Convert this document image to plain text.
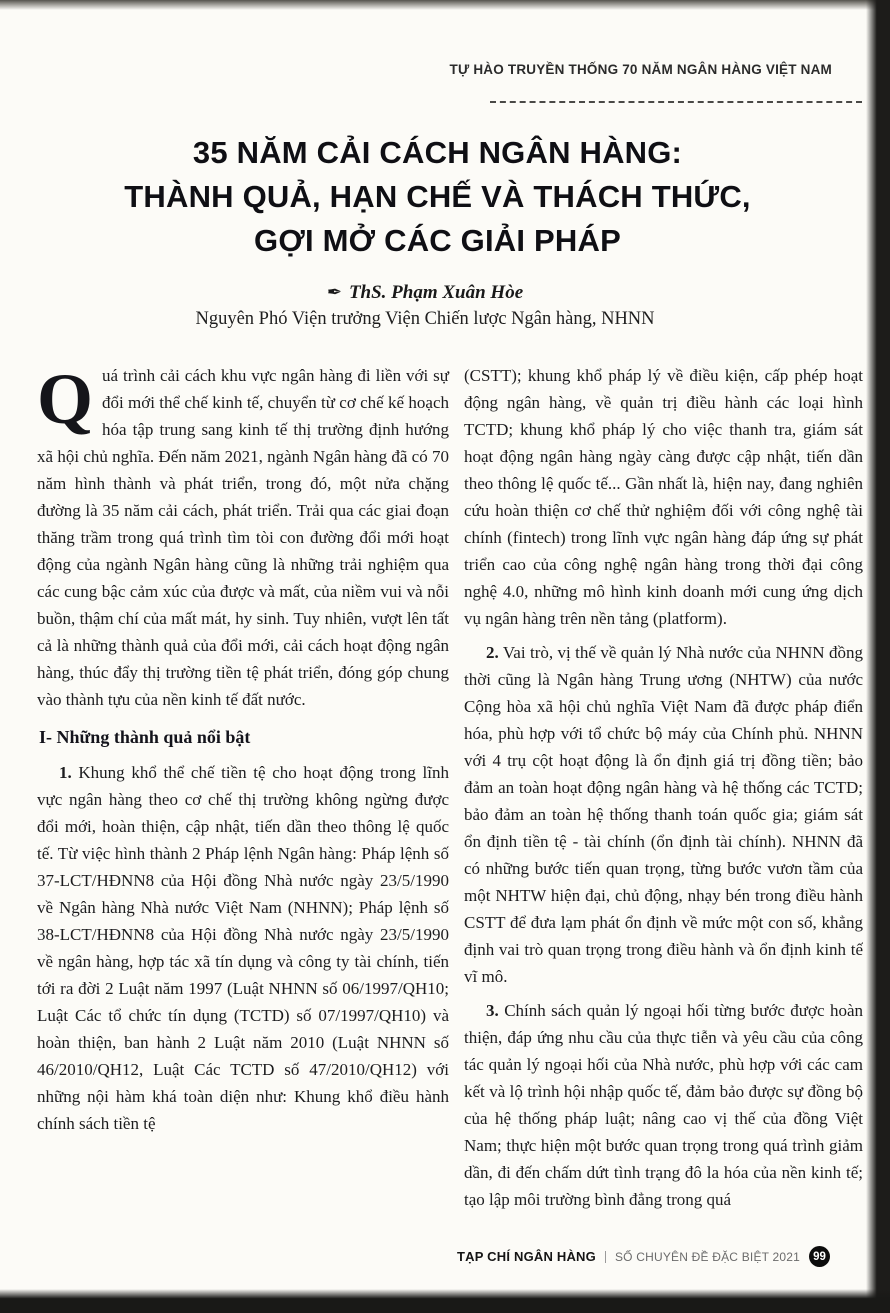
TỰ HÀO TRUYỀN THỐNG 70 NĂM NGÂN HÀNG VIỆT NAM
35 NĂM CẢI CÁCH NGÂN HÀNG:
THÀNH QUẢ, HẠN CHẾ VÀ THÁCH THỨC,
GỢI MỞ CÁC GIẢI PHÁP
✒ ThS. Phạm Xuân Hòe
Nguyên Phó Viện trưởng Viện Chiến lược Ngân hàng, NHNN

Quá trình cải cách khu vực ngân hàng đi liền với sự đổi mới thể chế kinh tế, chuyển từ cơ chế kế hoạch hóa tập trung sang kinh tế thị trường định hướng xã hội chủ nghĩa. Đến năm 2021, ngành Ngân hàng đã có 70 năm hình thành và phát triển, trong đó, một nửa chặng đường là 35 năm cải cách, phát triển. Trải qua các giai đoạn thăng trầm trong quá trình tìm tòi con đường đổi mới hoạt động của ngành Ngân hàng cũng là những trải nghiệm qua các cung bậc cảm xúc của được và mất, của niềm vui và nỗi buồn, thậm chí của mất mát, hy sinh. Tuy nhiên, vượt lên tất cả là những thành quả của đổi mới, cải cách hoạt động ngân hàng, thúc đẩy thị trường tiền tệ phát triển, đóng góp chung vào thành tựu của nền kinh tế đất nước.

I- Những thành quả nổi bật

1. Khung khổ thể chế tiền tệ cho hoạt động trong lĩnh vực ngân hàng theo cơ chế thị trường không ngừng được đổi mới, hoàn thiện, cập nhật, tiến dần theo thông lệ quốc tế. Từ việc hình thành 2 Pháp lệnh Ngân hàng: Pháp lệnh số 37-LCT/HĐNN8 của Hội đồng Nhà nước ngày 23/5/1990 về Ngân hàng Nhà nước Việt Nam (NHNN); Pháp lệnh số 38-LCT/HĐNN8 của Hội đồng Nhà nước ngày 23/5/1990 về ngân hàng, hợp tác xã tín dụng và công ty tài chính, tiến tới ra đời 2 Luật năm 1997 (Luật NHNN số 06/1997/QH10; Luật Các tổ chức tín dụng (TCTD) số 07/1997/QH10) và hoàn thiện, ban hành 2 Luật năm 2010 (Luật NHNN số 46/2010/QH12, Luật Các TCTD số 47/2010/QH12) với những nội hàm khá toàn diện như: Khung khổ điều hành chính sách tiền tệ

(CSTT); khung khổ pháp lý về điều kiện, cấp phép hoạt động ngân hàng, về quản trị điều hành các loại hình TCTD; khung khổ pháp lý cho việc thanh tra, giám sát hoạt động ngân hàng ngày càng được cập nhật, tiến dần theo thông lệ quốc tế... Gần nhất là, hiện nay, đang nghiên cứu hoàn thiện cơ chế thử nghiệm đối với công nghệ tài chính (fintech) trong lĩnh vực ngân hàng đáp ứng sự phát triển cao của công nghệ ngân hàng trong thời đại công nghệ 4.0, những mô hình kinh doanh mới cung ứng dịch vụ ngân hàng trên nền tảng (platform).

2. Vai trò, vị thế về quản lý Nhà nước của NHNN đồng thời cũng là Ngân hàng Trung ương (NHTW) của nước Cộng hòa xã hội chủ nghĩa Việt Nam đã được pháp điển hóa, phù hợp với tổ chức bộ máy của Chính phủ. NHNN với 4 trụ cột hoạt động là ổn định giá trị đồng tiền; bảo đảm an toàn hoạt động ngân hàng và hệ thống các TCTD; bảo đảm an toàn hệ thống thanh toán quốc gia; giám sát ổn định tiền tệ - tài chính (ổn định tài chính). NHNN đã có những bước tiến quan trọng, từng bước vươn tầm của một NHTW hiện đại, chủ động, nhạy bén trong điều hành CSTT để đưa lạm phát ổn định về mức một con số, khẳng định vai trò quan trọng trong điều hành và ổn định kinh tế vĩ mô.

3. Chính sách quản lý ngoại hối từng bước được hoàn thiện, đáp ứng nhu cầu của thực tiễn và yêu cầu của công tác quản lý ngoại hối của Nhà nước, phù hợp với các cam kết và lộ trình hội nhập quốc tế, đảm bảo được sự đồng bộ của hệ thống pháp luật; nâng cao vị thế của đồng Việt Nam; thực hiện một bước quan trọng trong quá trình giảm dần, đi đến chấm dứt tình trạng đô la hóa của nền kinh tế; tạo lập môi trường bình đẳng trong quá

TẠP CHÍ NGÂN HÀNG SỐ CHUYÊN ĐỀ ĐẶC BIỆT 2021	99
